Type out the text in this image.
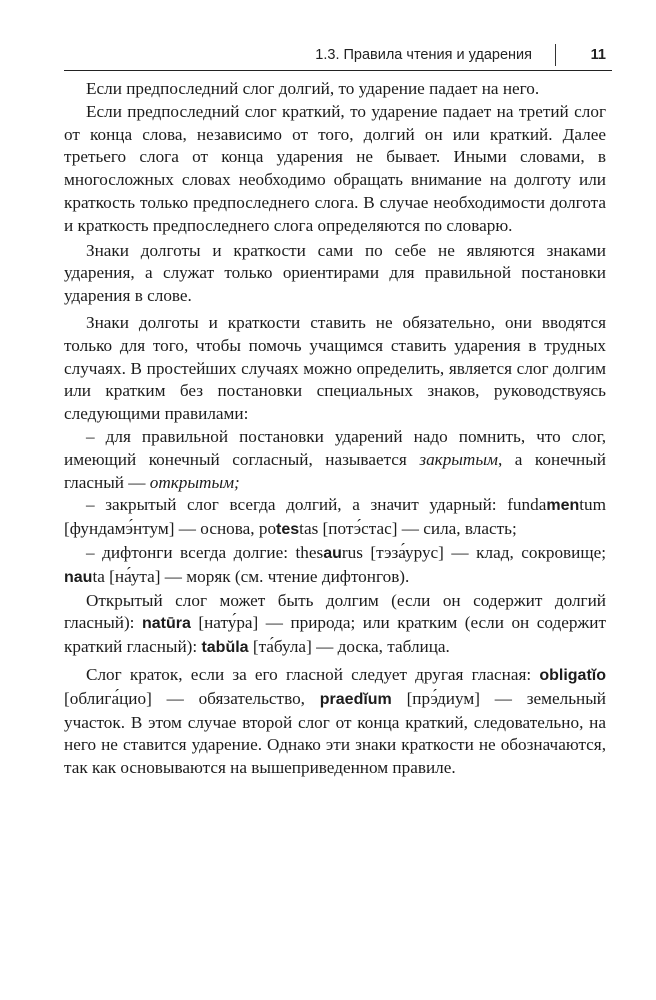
1.3. Правила чтения и ударения	11

Если предпоследний слог долгий, то ударение падает на него.

Если предпоследний слог краткий, то ударение падает на третий слог от конца слова, независимо от того, долгий он или краткий. Далее третьего слога от конца ударения не бывает. Иными словами, в многосложных словах необходимо обращать внимание на долготу или краткость только предпоследнего слога. В случае необходимости долгота и краткость предпоследнего слога определяются по словарю.

Знаки долготы и краткости сами по себе не являются знаками ударения, а служат только ориентирами для правильной постановки ударения в слове.

Знаки долготы и краткости ставить не обязательно, они вводятся только для того, чтобы помочь учащимся ставить ударения в трудных случаях. В простейших случаях можно определить, является слог долгим или кратким без постановки специальных знаков, руководствуясь следующими правилами:

– для правильной постановки ударений надо помнить, что слог, имеющий конечный согласный, называется закрытым, а конечный гласный — открытым;

– закрытый слог всегда долгий, а значит ударный: fundamentum [фундамэ́нтум] — основа, potestas [потэ́стас] — сила, власть;

– дифтонги всегда долгие: thesaurus [тэза́урус] — клад, сокровище; nauta [на́ута] — моряк (см. чтение дифтонгов).

Открытый слог может быть долгим (если он содержит долгий гласный): natūra [нату́ра] — природа; или кратким (если он содержит краткий гласный): tabŭla [та́була] — доска, таблица.

Слог краток, если за его гласной следует другая гласная: obligatĭo [облига́цио] — обязательство, praedĭum [прэ́диум] — земельный участок. В этом случае второй слог от конца краткий, следовательно, на него не ставится ударение. Однако эти знаки краткости не обозначаются, так как основываются на вышеприведенном правиле.
